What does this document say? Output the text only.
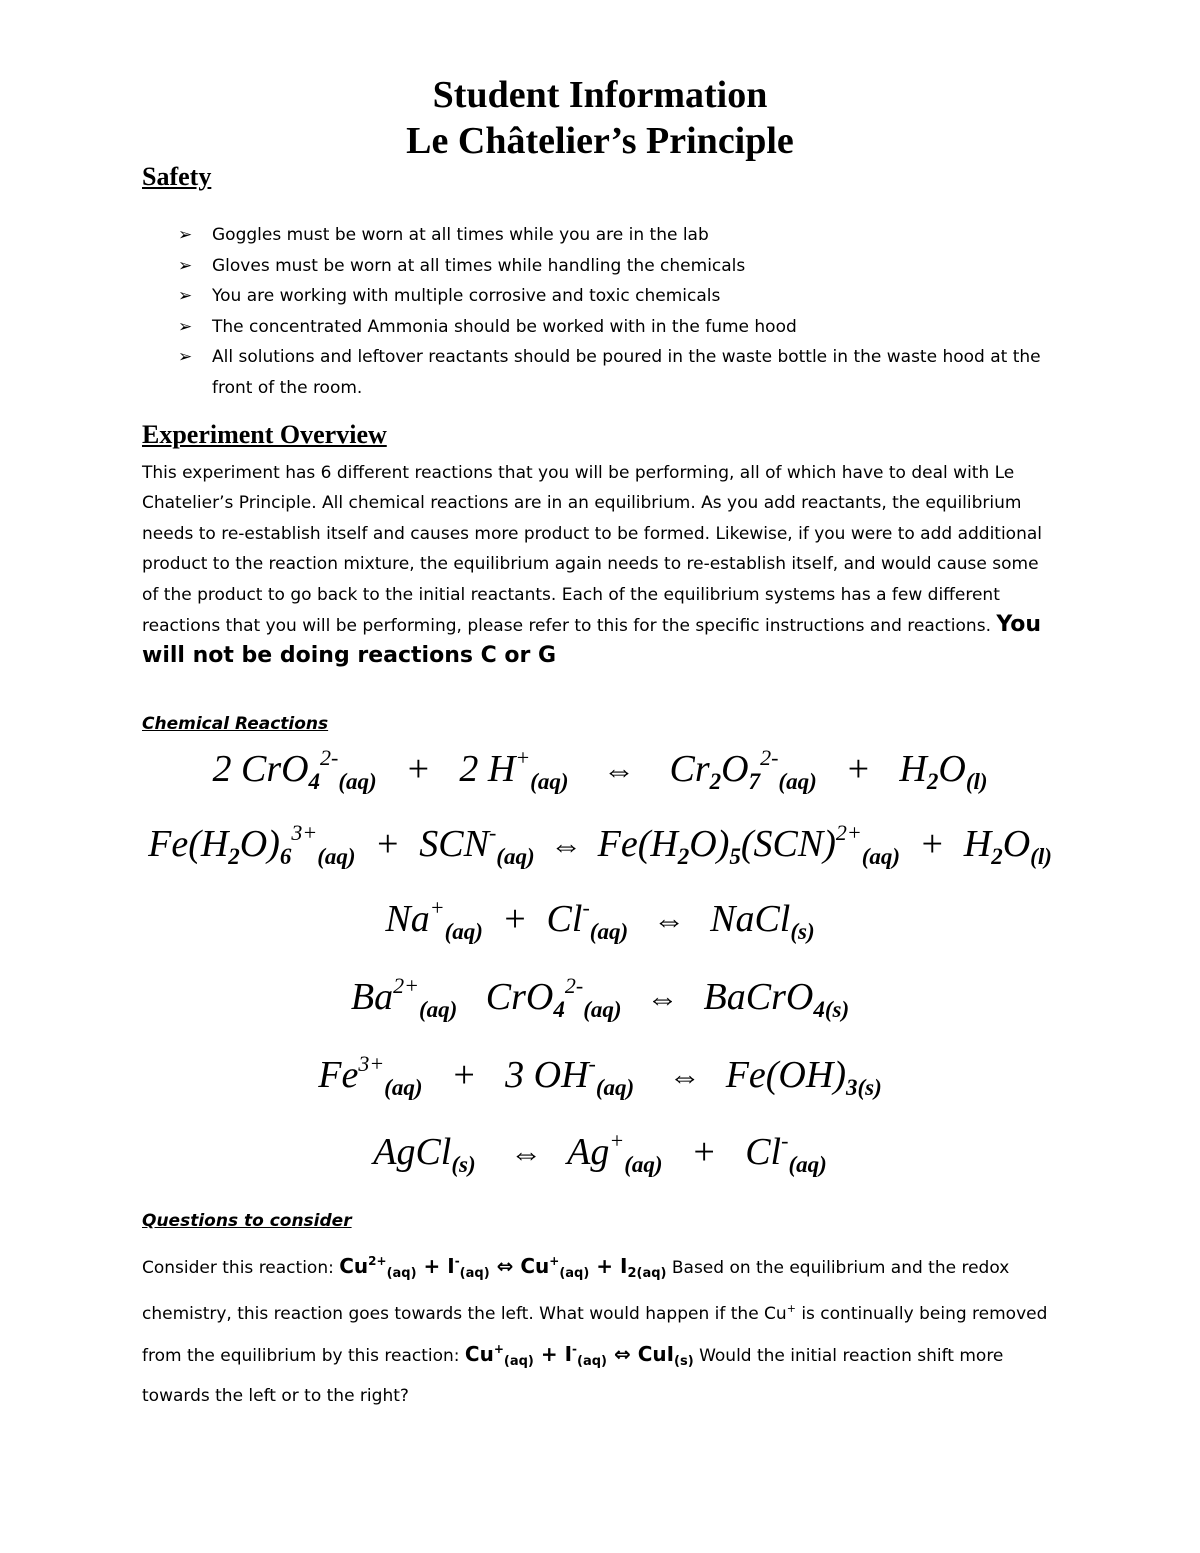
Student Information
Le Châtelier’s Principle
Safety
➢ Goggles must be worn at all times while you are in the lab
➢ Gloves must be worn at all times while handling the chemicals
➢ You are working with multiple corrosive and toxic chemicals
➢ The concentrated Ammonia should be worked with in the fume hood
➢ All solutions and leftover reactants should be poured in the waste bottle in the waste hood at the front of the room.
Experiment Overview

This experiment has 6 different reactions that you will be performing, all of which have to deal with Le Chatelier’s Principle. All chemical reactions are in an equilibrium. As you add reactants, the equilibrium needs to re-establish itself and causes more product to be formed. Likewise, if you were to add additional product to the reaction mixture, the equilibrium again needs to re-establish itself, and would cause some of the product to go back to the initial reactants. Each of the equilibrium systems has a few different reactions that you will be performing, please refer to this for the specific instructions and reactions. You will not be doing reactions C or G

Chemical Reactions
2 CrO$_4^{2-}_{(aq)}$ + 2 $H^+_{(aq)}$ ⇔ $Cr_2O_7^{2-}_{(aq)} + H_2O_{(l)}$
$Fe(H_2O)_6^{3+}_{(aq)} + SCN^-_{(aq)}$ ⇔ $Fe(H_2O)_5(SCN)^{2+}_{(aq)} + H_2O_{(l)}$
$Na^+_{(aq)} + Cl^-_{(aq)}$ ⇔ NaCl$_{(s)}$
$Ba^{2+}_{(aq)}$ CrO$_4^{2-}_{(aq)}$ ⇔ BaCrO$_{4(s)}$
$Fe^{3+}_{(aq)} + 3$ $OH^-_{(aq)}$ ⇔ $Fe(OH)_{3(s)}$
AgCl$_{(s)}$ ⇔ $Ag^+_{(aq)} + Cl^-_{(aq)}$
Questions to consider

Consider this reaction: $Cu^{2+}_{(aq)} + I^-_{(aq)}$ ⇔ $Cu^+_{(aq)} + I_{2(aq)}$ Based on the equilibrium and the redox chemistry, this reaction goes towards the left. What would happen if the Cu+ is continually being removed from the equilibrium by this reaction: $Cu^+_{(aq)} + I^-_{(aq)}$ ⇔ CuI$_{(s)}$ Would the initial reaction shift more towards the left or to the right?
